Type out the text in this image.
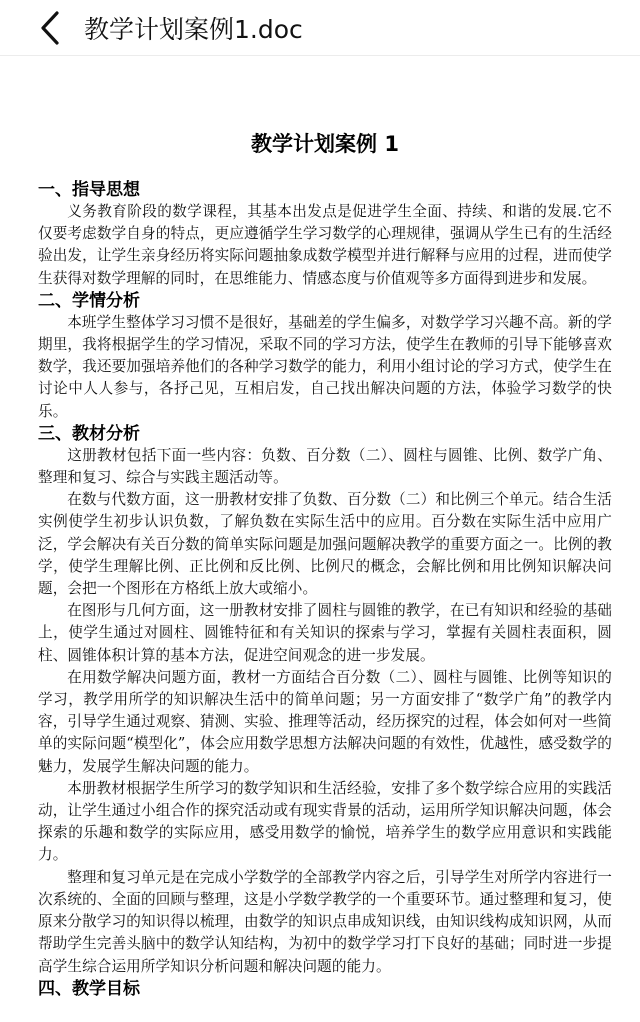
教学计划案例1.doc
教学计划案例 1
一、指导思想

义务教育阶段的数学课程，其基本出发点是促进学生全面、持续、和谐的发展.它不仅要考虑数学自身的特点，更应遵循学生学习数学的心理规律，强调从学生已有的生活经验出发，让学生亲身经历将实际问题抽象成数学模型并进行解释与应用的过程，进而使学生获得对数学理解的同时，在思维能力、情感态度与价值观等多方面得到进步和发展。

二、学情分析

本班学生整体学习习惯不是很好，基础差的学生偏多，对数学学习兴趣不高。新的学期里，我将根据学生的学习情况，采取不同的学习方法，使学生在教师的引导下能够喜欢数学，我还要加强培养他们的各种学习数学的能力，利用小组讨论的学习方式，使学生在讨论中人人参与，各抒己见，互相启发，自己找出解决问题的方法，体验学习数学的快乐。

三、教材分析

这册教材包括下面一些内容：负数、百分数（二）、圆柱与圆锥、比例、数学广角、整理和复习、综合与实践主题活动等。

在数与代数方面，这一册教材安排了负数、百分数（二）和比例三个单元。结合生活实例使学生初步认识负数，了解负数在实际生活中的应用。百分数在实际生活中应用广泛，学会解决有关百分数的简单实际问题是加强问题解决教学的重要方面之一。比例的教学，使学生理解比例、正比例和反比例、比例尺的概念，会解比例和用比例知识解决问题，会把一个图形在方格纸上放大或缩小。

在图形与几何方面，这一册教材安排了圆柱与圆锥的教学，在已有知识和经验的基础上，使学生通过对圆柱、圆锥特征和有关知识的探索与学习，掌握有关圆柱表面积，圆柱、圆锥体积计算的基本方法，促进空间观念的进一步发展。

在用数学解决问题方面，教材一方面结合百分数（二）、圆柱与圆锥、比例等知识的学习，教学用所学的知识解决生活中的简单问题；另一方面安排了“数学广角”的教学内容，引导学生通过观察、猜测、实验、推理等活动，经历探究的过程，体会如何对一些简单的实际问题“模型化”，体会应用数学思想方法解决问题的有效性，优越性，感受数学的魅力，发展学生解决问题的能力。

本册教材根据学生所学习的数学知识和生活经验，安排了多个数学综合应用的实践活动，让学生通过小组合作的探究活动或有现实背景的活动，运用所学知识解决问题，体会探索的乐趣和数学的实际应用，感受用数学的愉悦，培养学生的数学应用意识和实践能力。

整理和复习单元是在完成小学数学的全部教学内容之后，引导学生对所学内容进行一次系统的、全面的回顾与整理，这是小学数学教学的一个重要环节。通过整理和复习，使原来分散学习的知识得以梳理，由数学的知识点串成知识线，由知识线构成知识网，从而帮助学生完善头脑中的数学认知结构，为初中的数学学习打下良好的基础；同时进一步提高学生综合运用所学知识分析问题和解决问题的能力。

四、教学目标
